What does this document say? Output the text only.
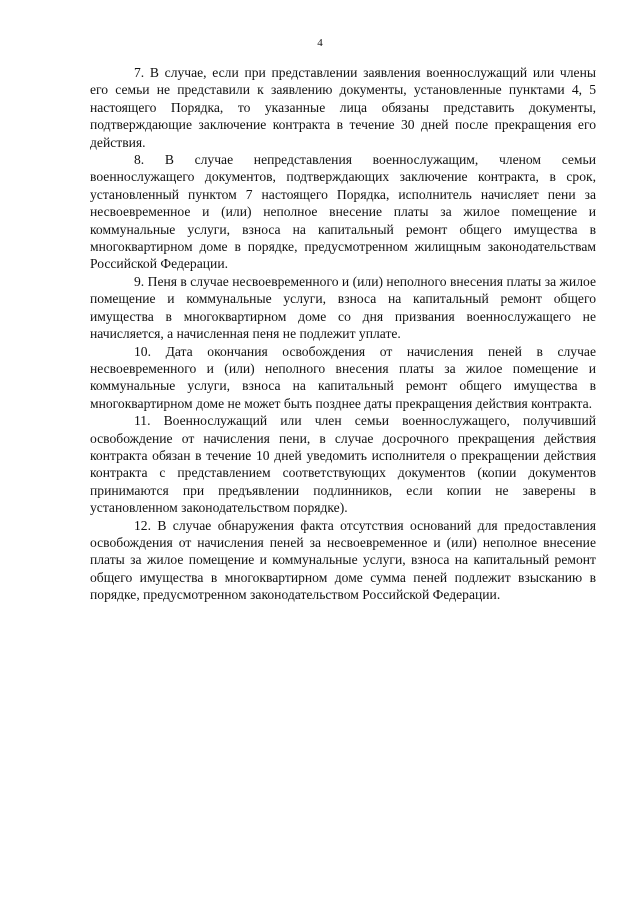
4

7. В случае, если при представлении заявления военнослужащий или члены его семьи не представили к заявлению документы, установленные пунктами 4, 5 настоящего Порядка, то указанные лица обязаны представить документы, подтверждающие заключение контракта в течение 30 дней после прекращения его действия.

8. В случае непредставления военнослужащим, членом семьи военнослужащего документов, подтверждающих заключение контракта, в срок, установленный пунктом 7 настоящего Порядка, исполнитель начисляет пени за несвоевременное и (или) неполное внесение платы за жилое помещение и коммунальные услуги, взноса на капитальный ремонт общего имущества в многоквартирном доме в порядке, предусмотренном жилищным законодательствам Российской Федерации.

9. Пеня в случае несвоевременного и (или) неполного внесения платы за жилое помещение и коммунальные услуги, взноса на капитальный ремонт общего имущества в многоквартирном доме со дня призвания военнослужащего не начисляется, а начисленная пеня не подлежит уплате.

10. Дата окончания освобождения от начисления пеней в случае несвоевременного и (или) неполного внесения платы за жилое помещение и коммунальные услуги, взноса на капитальный ремонт общего имущества в многоквартирном доме не может быть позднее даты прекращения действия контракта.

11. Военнослужащий или член семьи военнослужащего, получивший освобождение от начисления пени, в случае досрочного прекращения действия контракта обязан в течение 10 дней уведомить исполнителя о прекращении действия контракта с представлением соответствующих документов (копии документов принимаются при предъявлении подлинников, если копии не заверены в установленном законодательством порядке).

12. В случае обнаружения факта отсутствия оснований для предоставления освобождения от начисления пеней за несвоевременное и (или) неполное внесение платы за жилое помещение и коммунальные услуги, взноса на капитальный ремонт общего имущества в многоквартирном доме сумма пеней подлежит взысканию в порядке, предусмотренном законодательством Российской Федерации.
